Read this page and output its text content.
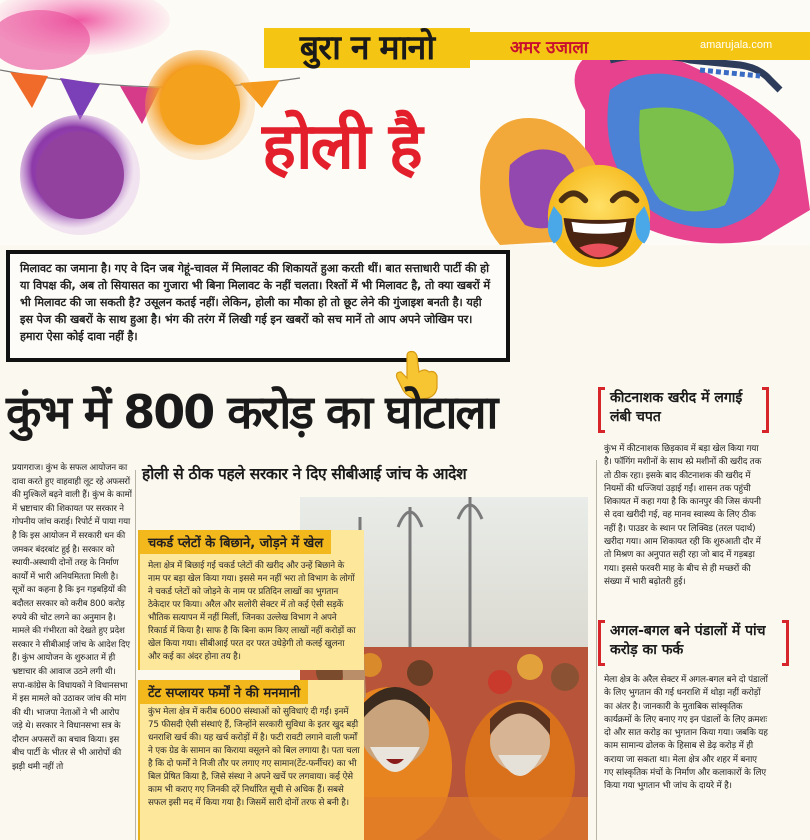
बुरा न मानो	अमर उजाला	amarujala.com
होली है

मिलावट का जमाना है। गए वे दिन जब गेहूं-चावल में मिलावट की शिकायतें हुआ करती थीं। बात सत्ताधारी पार्टी की हो या विपक्ष की, अब तो सियासत का गुजारा भी बिना मिलावट के नहीं चलता। रिश्तों में भी मिलावट है, तो क्या खबरों में भी मिलावट की जा सकती है? उसूलन कतई नहीं। लेकिन, होली का मौका हो तो छूट लेने की गुंजाइश बनती है। यही इस पेज की खबरों के साथ हुआ है। भंग की तरंग में लिखी गई इन खबरों को सच मानें तो आप अपने जोखिम पर। हमारा ऐसा कोई दावा नहीं है।

कुंभ में 800 करोड़ का घोटाला
होली से ठीक पहले सरकार ने दिए सीबीआई जांच के आदेश

प्रयागराज। कुंभ के सफल आयोजन का दावा करते हुए वाहवाही लूट रहे अफसरों की मुश्किलें बढ़ने वाली हैं। कुंभ के कामों में भ्रष्टाचार की शिकायत पर सरकार ने गोपनीय जांच कराई। रिपोर्ट में पाया गया है कि इस आयोजन में सरकारी धन की जमकर बंदरबांट हुई है। सरकार को स्थायी-अस्थायी दोनों तरह के निर्माण कार्यों में भारी अनियमितता मिली है। सूत्रों का कहना है कि इन गड़बड़ियों की बदौलत सरकार को करीब 800 करोड़ रुपये की चोट लगने का अनुमान है। मामले की गंभीरता को देखते हुए प्रदेश सरकार ने सीबीआई जांच के आदेश दिए हैं। कुंभ आयोजन के शुरुआत में ही भ्रष्टाचार की आवाज उठने लगी थी। सपा-कांग्रेस के विधायकों ने विधानसभा में इस मामले को उठाकर जांच की मांग की थी। भाजपा नेताओं ने भी आरोप जड़े थे। सरकार ने विधानसभा सत्र के दौरान अफसरों का बचाव किया। इस बीच पार्टी के भीतर से भी आरोपों की झड़ी थमी नहीं तो

चकर्ड प्लेटों के बिछाने, जोड़ने में खेल

मेला क्षेत्र में बिछाई गई चकर्ड प्लेटों की खरीद और उन्हें बिछाने के नाम पर बड़ा खेल किया गया। इससे मन नहीं भरा तो विभाग के लोगों ने चकर्ड प्लेटों को जोड़ने के नाम पर प्रतिदिन लाखों का भुगतान ठेकेदार पर किया। अरैल और सलोरी सेक्टर में तो कई ऐसी सड़कें भौतिक सत्यापन में नहीं मिलीं, जिनका उल्लेख विभाग ने अपने रिकार्ड में किया है। साफ है कि बिना काम किए लाखों नहीं करोड़ों का खेल किया गया। सीबीआई परत दर परत उधेड़ेगी तो कलई खुलना और कई का अंदर होना तय है।

टेंट सप्लायर फर्मों ने की मनमानी

कुंभ मेला क्षेत्र में करीब 6000 संस्थाओं को सुविधाएं दी गईं। इनमें 75 फीसदी ऐसी संस्थाएं हैं, जिन्होंने सरकारी सुविधा के इतर खुद बड़ी धनराशि खर्च की। यह खर्च करोड़ों में है। फटी रावटी लगाने वाली फर्मों ने एक ग्रेड के सामान का किराया वसूलने को बिल लगाया है। पता चला है कि दो फर्मों ने निजी तौर पर लगाए गए सामान(टेंट-फर्नीचर) का भी बिल प्रेषित किया है, जिसे संस्था ने अपने खर्चे पर लगवाया। कई ऐसे काम भी कराए गए जिनकी दरें निर्धारित सूची से अधिक हैं। सबसे सफल इसी मद में किया गया है। जिसमें सारी दोनों तरफ से बनी है।

कीटनाशक खरीद में लगाई लंबी चपत

कुंभ में कीटनाशक छिड़काव में बड़ा खेल किया गया है। फॉगिंग मशीनों के साथ स्प्रे मशीनों की खरीद तक तो ठीक रहा। इसके बाद कीटनाशक की खरीद में नियमों की धज्जियां उड़ाई गईं। शासन तक पहुंची शिकायत में कहा गया है कि कानपुर की जिस कंपनी से दवा खरीदी गई, वह मानव स्वास्थ्य के लिए ठीक नहीं है। पाउडर के स्थान पर लिक्विड (तरल पदार्थ) खरीदा गया। आम शिकायत रही कि शुरुआती दौर में तो मिश्रण का अनुपात सही रहा जो बाद में गड़बड़ा गया। इससे फरवरी माह के बीच से ही मच्छरों की संख्या में भारी बढ़ोतरी हुई।

अगल-बगल बने पंडालों में पांच करोड़ का फर्क

मेला क्षेत्र के अरैल सेक्टर में अगल-बगल बने दो पंडालों के लिए भुगतान की गई धनराशि में थोड़ा नहीं करोड़ों का अंतर है। जानकारी के मुताबिक सांस्कृतिक कार्यक्रमों के लिए बनाए गए इन पंडालों के लिए क्रमशः दो और सात करोड़ का भुगतान किया गया। जबकि यह काम सामान्य ढोलक के हिसाब से डेढ़ करोड़ में ही कराया जा सकता था। मेला क्षेत्र और शहर में बनाए गए सांस्कृतिक मंचों के निर्माण और कलाकारों के लिए किया गया भुगतान भी जांच के दायरे में है।
